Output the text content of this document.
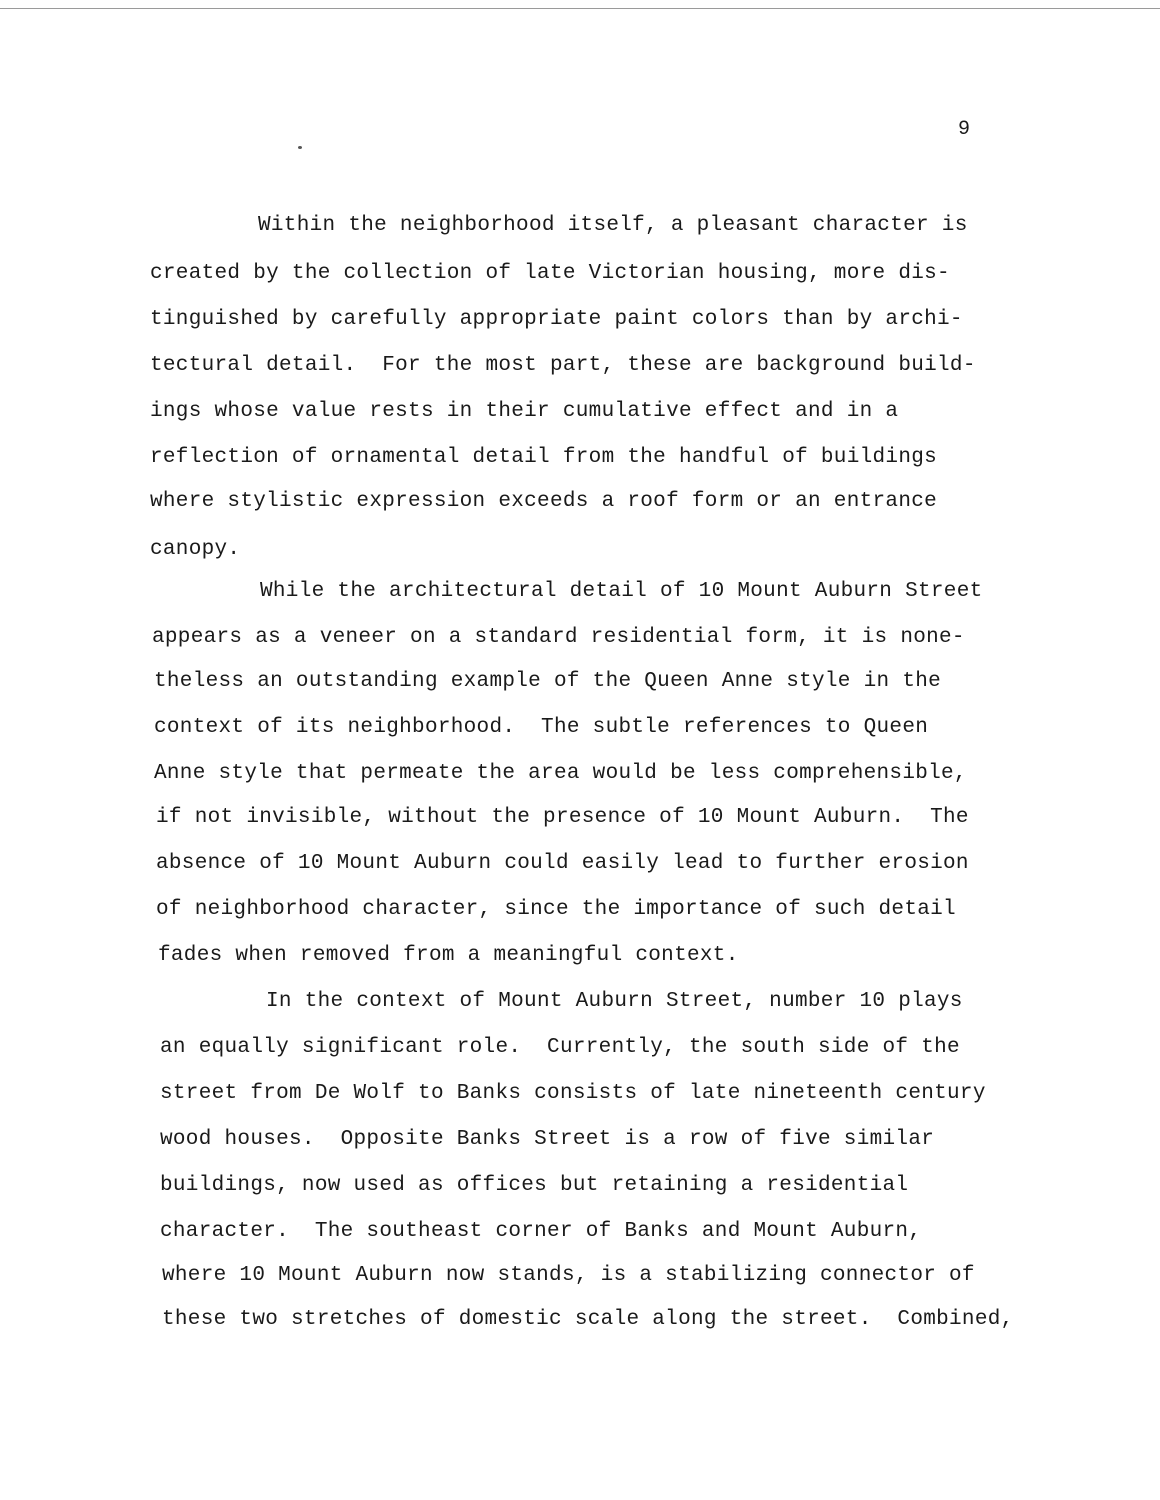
9
Within the neighborhood itself, a pleasant character is
created by the collection of late Victorian housing, more dis-
tinguished by carefully appropriate paint colors than by archi-
tectural detail.  For the most part, these are background build-
ings whose value rests in their cumulative effect and in a
reflection of ornamental detail from the handful of buildings
where stylistic expression exceeds a roof form or an entrance
canopy.
While the architectural detail of 10 Mount Auburn Street
appears as a veneer on a standard residential form, it is none-
theless an outstanding example of the Queen Anne style in the
context of its neighborhood.  The subtle references to Queen
Anne style that permeate the area would be less comprehensible,
if not invisible, without the presence of 10 Mount Auburn.  The
absence of 10 Mount Auburn could easily lead to further erosion
of neighborhood character, since the importance of such detail
fades when removed from a meaningful context.
In the context of Mount Auburn Street, number 10 plays
an equally significant role.  Currently, the south side of the
street from De Wolf to Banks consists of late nineteenth century
wood houses.  Opposite Banks Street is a row of five similar
buildings, now used as offices but retaining a residential
character.  The southeast corner of Banks and Mount Auburn,
where 10 Mount Auburn now stands, is a stabilizing connector of
these two stretches of domestic scale along the street.  Combined,
